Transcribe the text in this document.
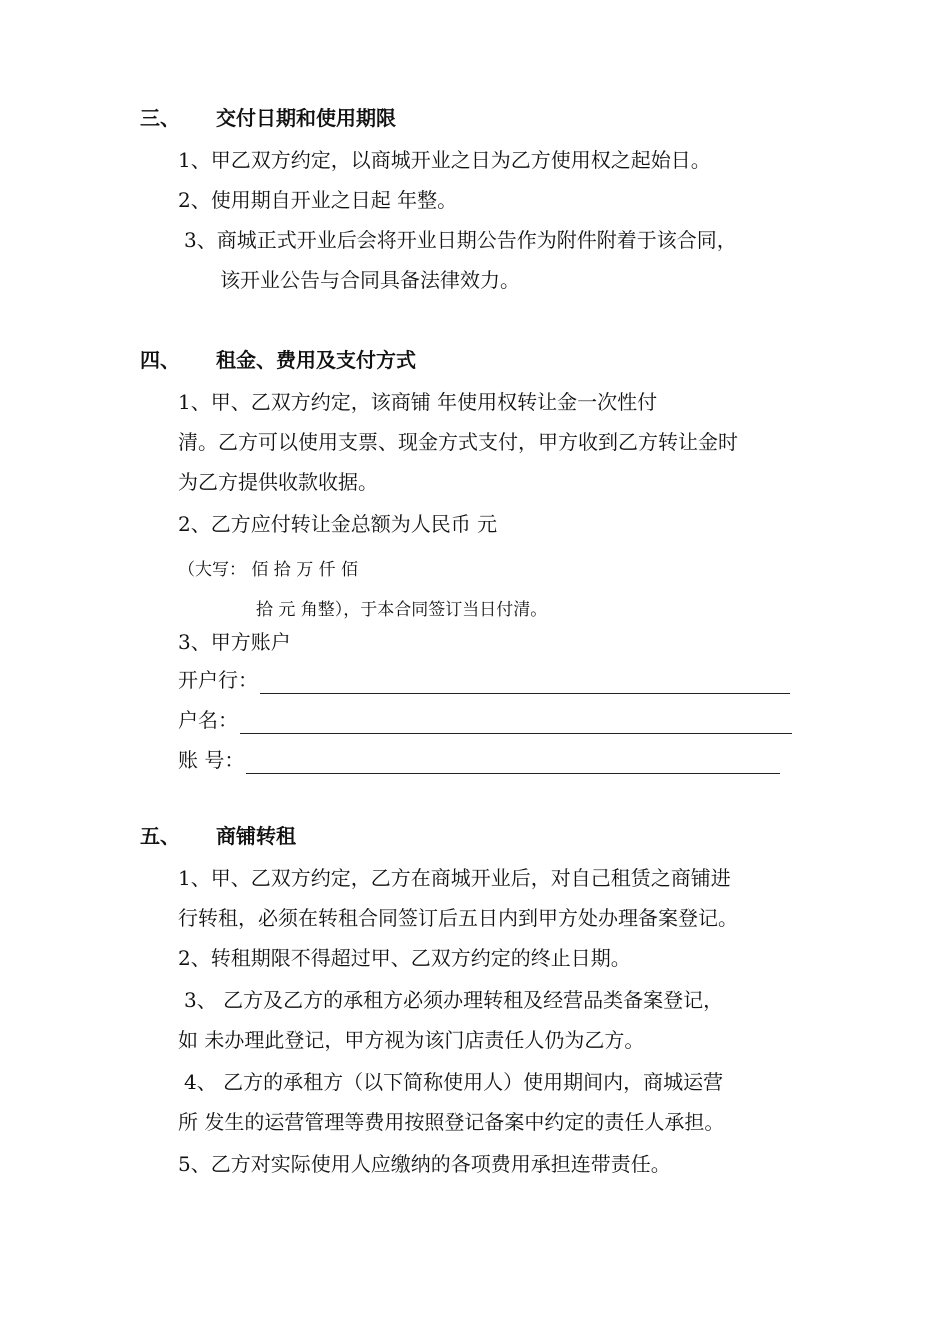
三、 交付日期和使用期限
1、甲乙双方约定，以商城开业之日为乙方使用权之起始日。
2、使用期自开业之日起 年整。
3、商城正式开业后会将开业日期公告作为附件附着于该合同，
该开业公告与合同具备法律效力。
四、 租金、费用及支付方式
1、甲、乙双方约定，该商铺 年使用权转让金一次性付
清。乙方可以使用支票、现金方式支付，甲方收到乙方转让金时
为乙方提供收款收据。
2、乙方应付转让金总额为人民币 元
（大写： 佰 拾 万 仟 佰
拾 元 角整），于本合同签订当日付清。
3、甲方账户
开户行：
户名：
账 号：
五、 商铺转租
1、甲、乙双方约定，乙方在商城开业后，对自己租赁之商铺进
行转租，必须在转租合同签订后五日内到甲方处办理备案登记。
2、转租期限不得超过甲、乙双方约定的终止日期。
3、 乙方及乙方的承租方必须办理转租及经营品类备案登记，
如 未办理此登记，甲方视为该门店责任人仍为乙方。
4、 乙方的承租方（以下简称使用人）使用期间内，商城运营
所 发生的运营管理等费用按照登记备案中约定的责任人承担。
5、乙方对实际使用人应缴纳的各项费用承担连带责任。
